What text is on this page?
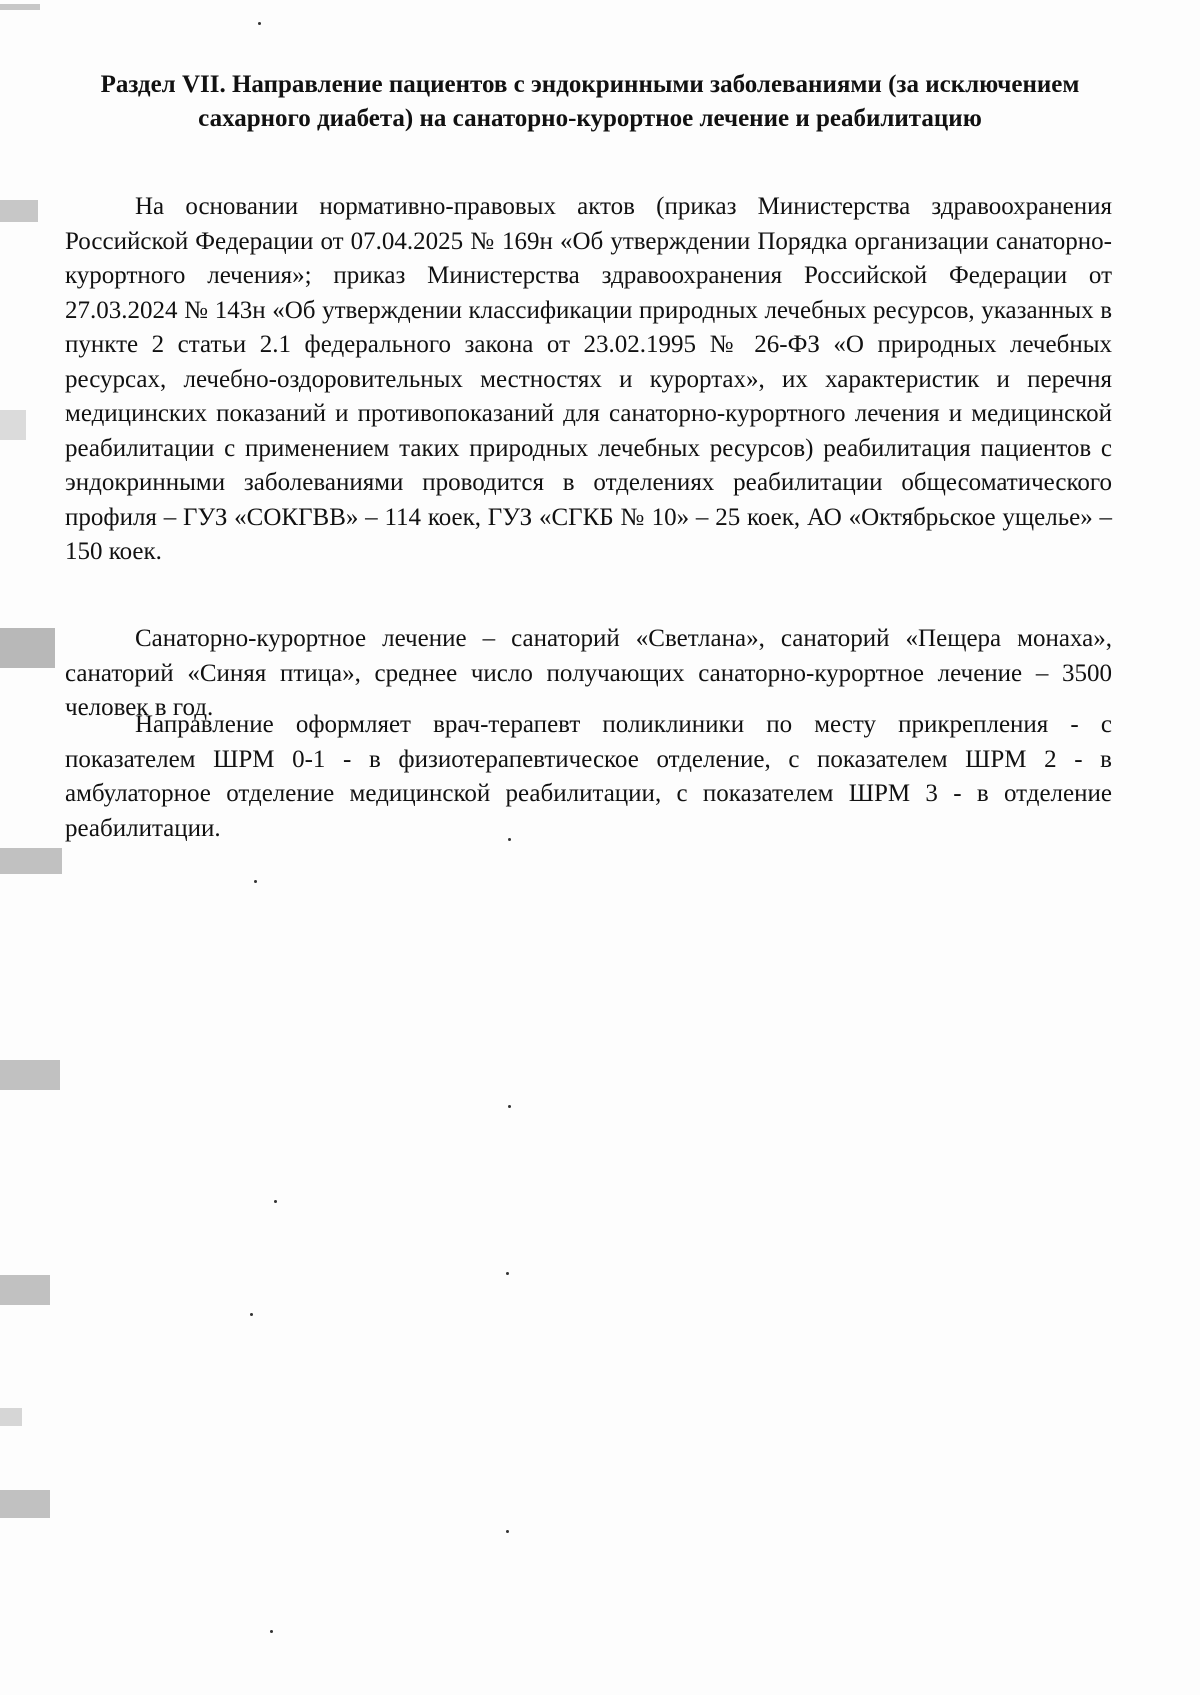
Раздел VII. Направление пациентов с эндокринными заболеваниями (за исключением сахарного диабета) на санаторно-курортное лечение и реабилитацию

На основании нормативно-правовых актов (приказ Министерства здравоохранения Российской Федерации от 07.04.2025 № 169н «Об утверждении Порядка организации санаторно-курортного лечения»; приказ Министерства здравоохранения Российской Федерации от 27.03.2024 № 143н «Об утверждении классификации природных лечебных ресурсов, указанных в пункте 2 статьи 2.1 федерального закона от 23.02.1995 № 26-ФЗ «О природных лечебных ресурсах, лечебно-оздоровительных местностях и курортах», их характеристик и перечня медицинских показаний и противопоказаний для санаторно-курортного лечения и медицинской реабилитации с применением таких природных лечебных ресурсов) реабилитация пациентов с эндокринными заболеваниями проводится в отделениях реабилитации общесоматического профиля – ГУЗ «СОКГВВ» – 114 коек, ГУЗ «СГКБ № 10» – 25 коек, АО «Октябрьское ущелье» – 150 коек.

Санаторно-курортное лечение – санаторий «Светлана», санаторий «Пещера монаха», санаторий «Синяя птица», среднее число получающих санаторно-курортное лечение – 3500 человек в год.

Направление оформляет врач-терапевт поликлиники по месту прикрепления - с показателем ШРМ 0-1 - в физиотерапевтическое отделение, с показателем ШРМ 2 - в амбулаторное отделение медицинской реабилитации, с показателем ШРМ 3 - в отделение реабилитации.
